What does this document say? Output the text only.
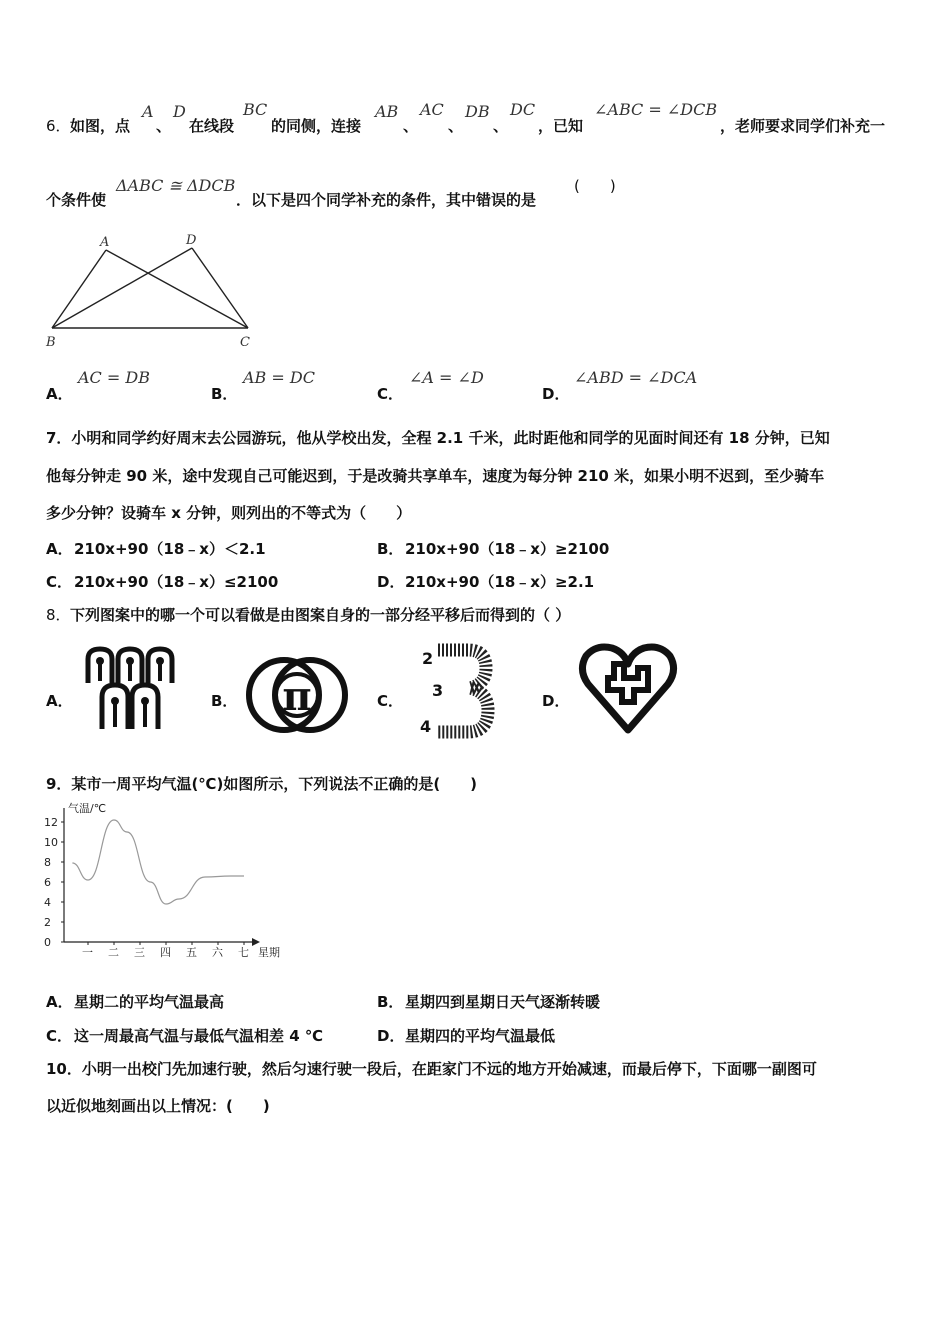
6． 如图，点
A
、
D
在线段
BC
的同侧，连接
AB
、
AC
、
DB
、
DC
，已知
∠ABC = ∠DCB
，老师要求同学们补充一
个条件使
ΔABC ≅ ΔDCB
．以下是四个同学补充的条件，其中错误的是
(　　)
A	D
B	C
A．
AC = DB
B．
AB = DC
C．
∠A = ∠D
D．
∠ABD = ∠DCA
7．小明和同学约好周末去公园游玩，他从学校出发，全程 2.1 千米，此时距他和同学的见面时间还有 18 分钟，已知
他每分钟走 90 米，途中发现自己可能迟到，于是改骑共享单车，速度为每分钟 210 米，如果小明不迟到，至少骑车
多少分钟？设骑车 x 分钟，则列出的不等式为（　　）
A． 210x+90（18﹣x）＜2.1	B． 210x+90（18﹣x）≥2100
C． 210x+90（18﹣x）≤2100	D． 210x+90（18﹣x）≥2.1
8． 下列图案中的哪一个可以看做是由图案自身的一部分经平移后而得到的（ ）
A．	B． π	C．
2
3
4
D．
9．某市一周平均气温(℃)如图所示，下列说法不正确的是(　　)
气温/℃
星期
0
2
4
6
8
10
12
一 二 三 四 五 六 七
A． 星期二的平均气温最高	B． 星期四到星期日天气逐渐转暖
C． 这一周最高气温与最低气温相差 4 ℃	D． 星期四的平均气温最低
10．小明一出校门先加速行驶，然后匀速行驶一段后，在距家门不远的地方开始减速，而最后停下，下面哪一副图可
以近似地刻画出以上情况：(　　)
